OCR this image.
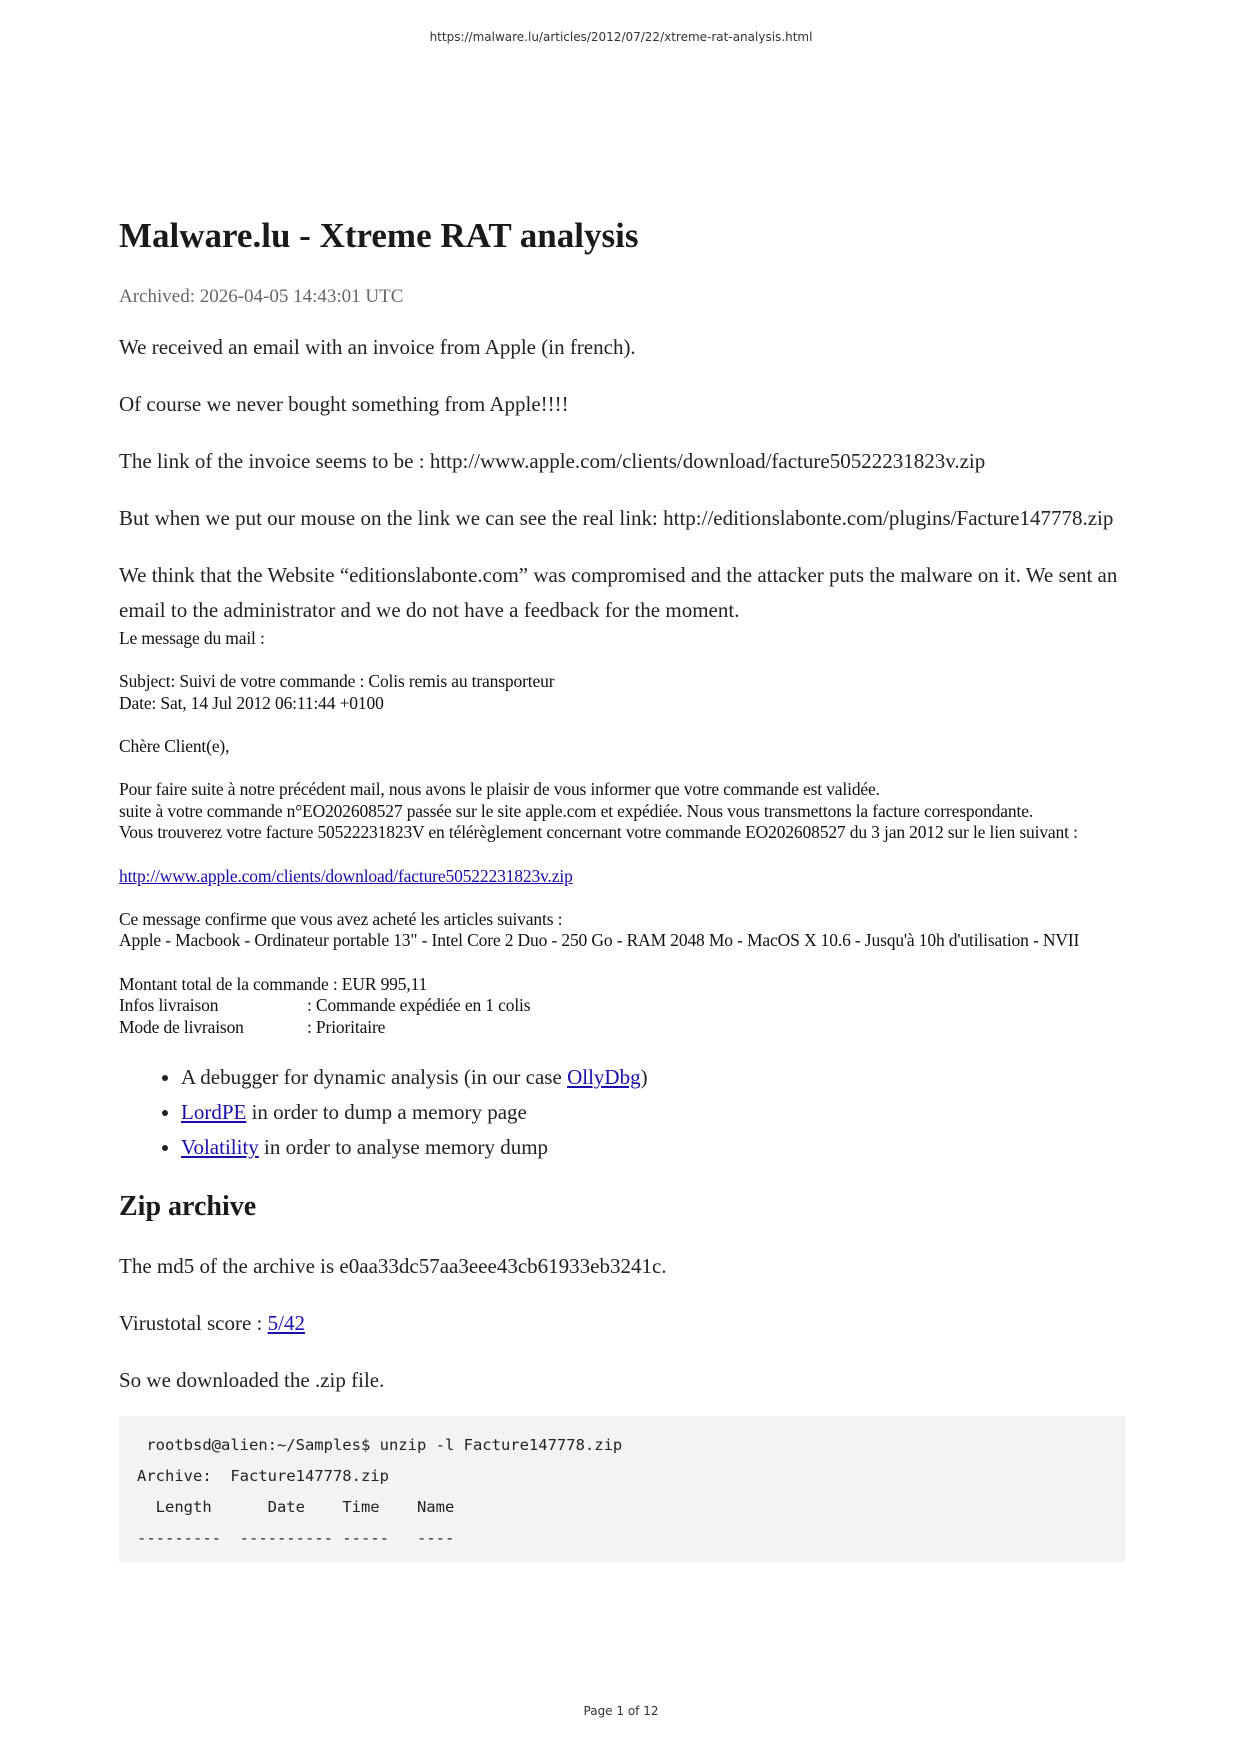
https://malware.lu/articles/2012/07/22/xtreme-rat-analysis.html
Malware.lu - Xtreme RAT analysis
Archived: 2026-04-05 14:43:01 UTC

We received an email with an invoice from Apple (in french).

Of course we never bought something from Apple!!!!

The link of the invoice seems to be : http://www.apple.com/clients/download/facture50522231823v.zip

But when we put our mouse on the link we can see the real link: http://editionslabonte.com/plugins/Facture147778.zip

We think that the Website “editionslabonte.com” was compromised and the attacker puts the malware on it. We sent an email to the administrator and we do not have a feedback for the moment.

Le message du mail :
Subject: Suivi de votre commande : Colis remis au transporteur
Date: Sat, 14 Jul 2012 06:11:44 +0100
Chère Client(e),
Pour faire suite à notre précédent mail, nous avons le plaisir de vous informer que votre commande est validée.
suite à votre commande n°EO202608527 passée sur le site apple.com et expédiée. Nous vous transmettons la facture correspondante.
Vous trouverez votre facture 50522231823V en télérèglement concernant votre commande EO202608527 du 3 jan 2012 sur le lien suivant :
http://www.apple.com/clients/download/facture50522231823v.zip
Ce message confirme que vous avez acheté les articles suivants :
Apple - Macbook - Ordinateur portable 13" - Intel Core 2 Duo - 250 Go - RAM 2048 Mo - MacOS X 10.6 - Jusqu'à 10h d'utilisation - NVII
Montant total de la commande : EUR 995,11
Infos livraison	: Commande expédiée en 1 colis
Mode de livraison	: Prioritaire
• A debugger for dynamic analysis (in our case OllyDbg)
• LordPE in order to dump a memory page
• Volatility in order to analyse memory dump
Zip archive

The md5 of the archive is e0aa33dc57aa3eee43cb61933eb3241c.

Virustotal score : 5/42

So we downloaded the .zip file.

rootbsd@alien:~/Samples$ unzip -l Facture147778.zip
Archive:  Facture147778.zip
Length      Date    Time    Name
---------  ---------- -----   ----
Page 1 of 12
